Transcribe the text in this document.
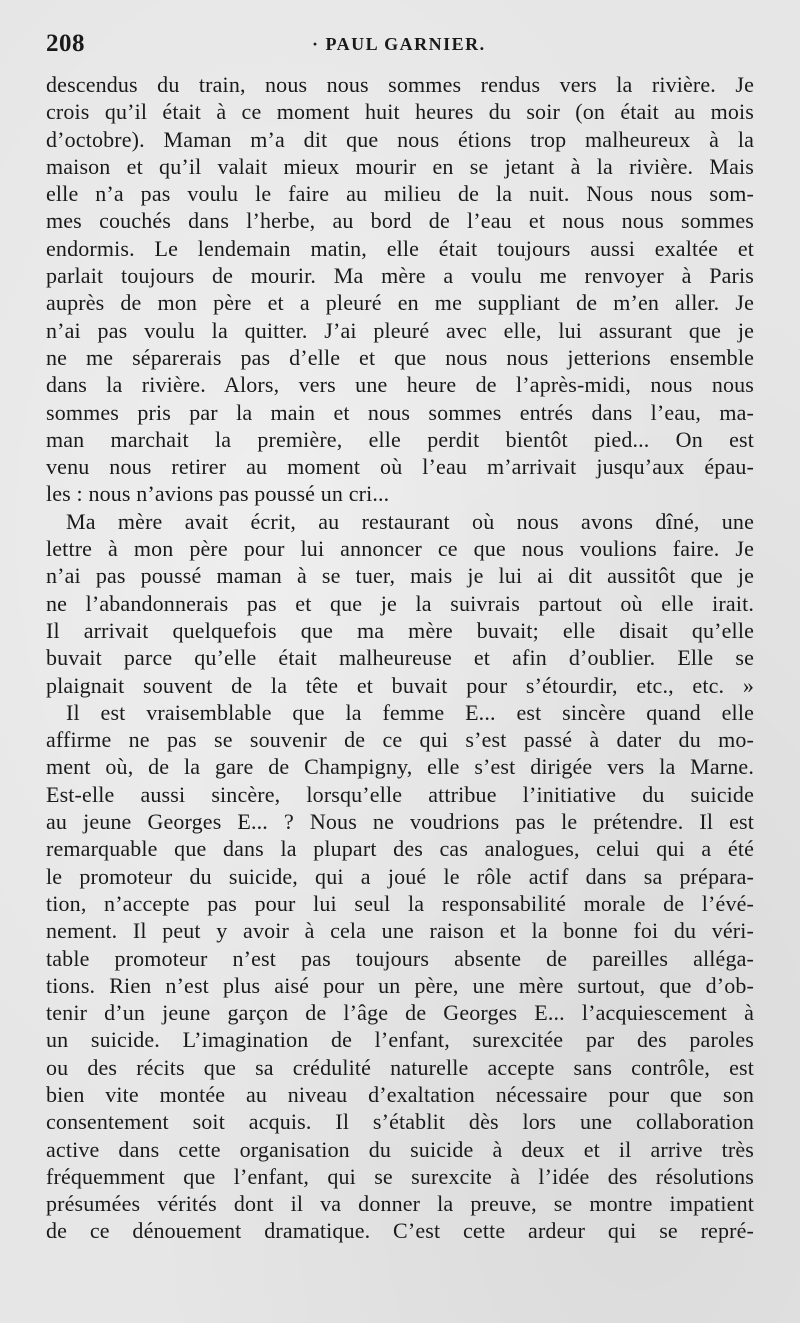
208	· PAUL GARNIER.
descendus du train, nous nous sommes rendus vers la rivière. Je
crois qu’il était à ce moment huit heures du soir (on était au mois
d’octobre). Maman m’a dit que nous étions trop malheureux à la
maison et qu’il valait mieux mourir en se jetant à la rivière. Mais
elle n’a pas voulu le faire au milieu de la nuit. Nous nous som-
mes couchés dans l’herbe, au bord de l’eau et nous nous sommes
endormis. Le lendemain matin, elle était toujours aussi exaltée et
parlait toujours de mourir. Ma mère a voulu me renvoyer à Paris
auprès de mon père et a pleuré en me suppliant de m’en aller. Je
n’ai pas voulu la quitter. J’ai pleuré avec elle, lui assurant que je
ne me séparerais pas d’elle et que nous nous jetterions ensemble
dans la rivière. Alors, vers une heure de l’après-midi, nous nous
sommes pris par la main et nous sommes entrés dans l’eau, ma-
man marchait la première, elle perdit bientôt pied... On est
venu nous retirer au moment où l’eau m’arrivait jusqu’aux épau-
les : nous n’avions pas poussé un cri...
Ma mère avait écrit, au restaurant où nous avons dîné, une
lettre à mon père pour lui annoncer ce que nous voulions faire. Je
n’ai pas poussé maman à se tuer, mais je lui ai dit aussitôt que je
ne l’abandonnerais pas et que je la suivrais partout où elle irait.
Il arrivait quelquefois que ma mère buvait; elle disait qu’elle
buvait parce qu’elle était malheureuse et afin d’oublier. Elle se
plaignait souvent de la tête et buvait pour s’étourdir, etc., etc. »
Il est vraisemblable que la femme E... est sincère quand elle
affirme ne pas se souvenir de ce qui s’est passé à dater du mo-
ment où, de la gare de Champigny, elle s’est dirigée vers la Marne.
Est-elle aussi sincère, lorsqu’elle attribue l’initiative du suicide
au jeune Georges E... ? Nous ne voudrions pas le prétendre. Il est
remarquable que dans la plupart des cas analogues, celui qui a été
le promoteur du suicide, qui a joué le rôle actif dans sa prépara-
tion, n’accepte pas pour lui seul la responsabilité morale de l’évé-
nement. Il peut y avoir à cela une raison et la bonne foi du véri-
table promoteur n’est pas toujours absente de pareilles alléga-
tions. Rien n’est plus aisé pour un père, une mère surtout, que d’ob-
tenir d’un jeune garçon de l’âge de Georges E... l’acquiescement à
un suicide. L’imagination de l’enfant, surexcitée par des paroles
ou des récits que sa crédulité naturelle accepte sans contrôle, est
bien vite montée au niveau d’exaltation nécessaire pour que son
consentement soit acquis. Il s’établit dès lors une collaboration
active dans cette organisation du suicide à deux et il arrive très
fréquemment que l’enfant, qui se surexcite à l’idée des résolutions
présumées vérités dont il va donner la preuve, se montre impatient
de ce dénouement dramatique. C’est cette ardeur qui se repré-
